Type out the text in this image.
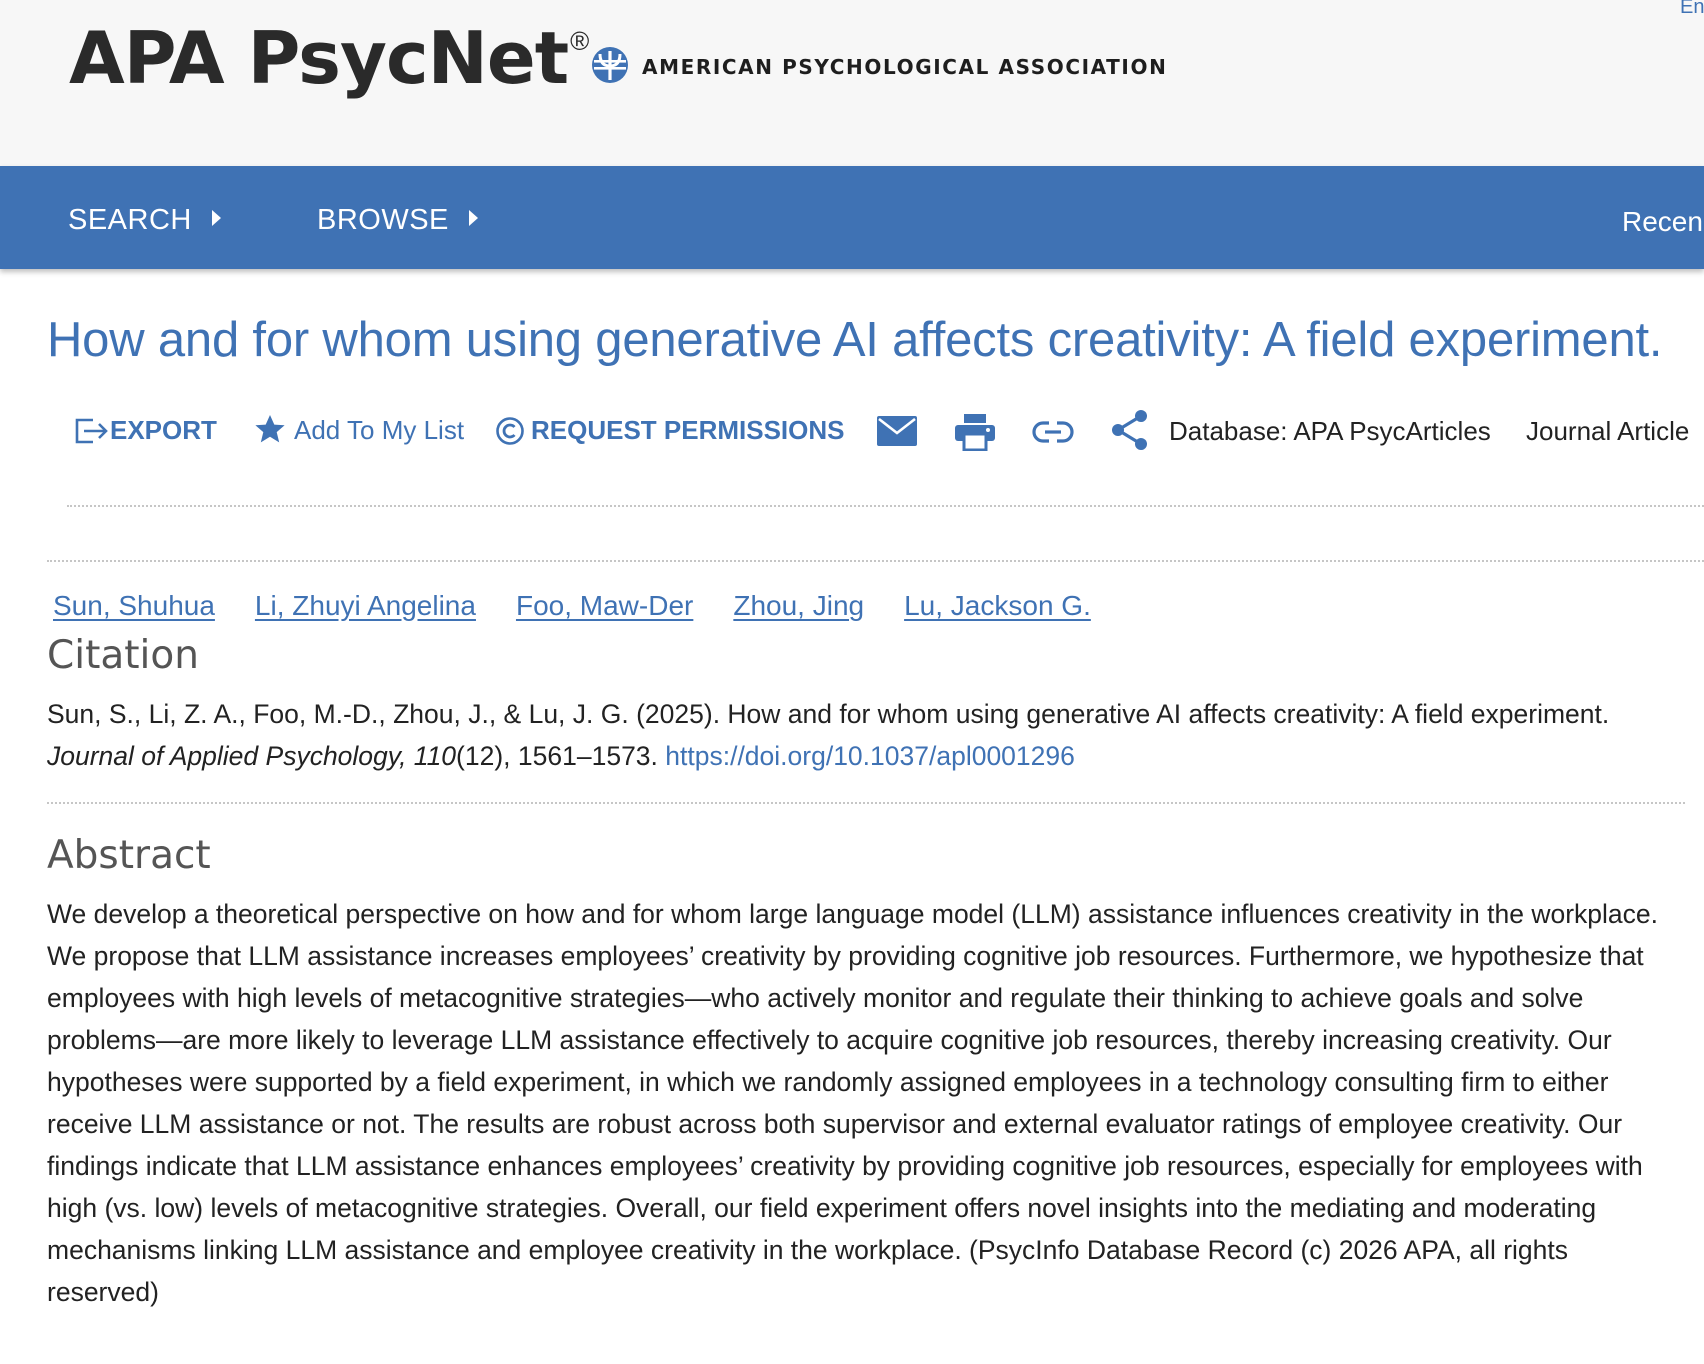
APA PsycNet®
AMERICAN PSYCHOLOGICAL ASSOCIATION
En
SEARCH	BROWSE	Recen
How and for whom using generative AI affects creativity: A field experiment.
EXPORT	Add To My List	REQUEST PERMISSIONS	Database: APA PsycArticles Journal Article
Sun, Shuhua Li, Zhuyi Angelina Foo, Maw-Der Zhou, Jing Lu, Jackson G.
Citation
Sun, S., Li, Z. A., Foo, M.-D., Zhou, J., & Lu, J. G. (2025). How and for whom using generative AI affects creativity: A field experiment. Journal of Applied Psychology, 110(12), 1561–1573. https://doi.org/10.1037/apl0001296
Abstract
We develop a theoretical perspective on how and for whom large language model (LLM) assistance influences creativity in the workplace. We propose that LLM assistance increases employees’ creativity by providing cognitive job resources. Furthermore, we hypothesize that employees with high levels of metacognitive strategies—who actively monitor and regulate their thinking to achieve goals and solve problems—are more likely to leverage LLM assistance effectively to acquire cognitive job resources, thereby increasing creativity. Our hypotheses were supported by a field experiment, in which we randomly assigned employees in a technology consulting firm to either receive LLM assistance or not. The results are robust across both supervisor and external evaluator ratings of employee creativity. Our findings indicate that LLM assistance enhances employees’ creativity by providing cognitive job resources, especially for employees with high (vs. low) levels of metacognitive strategies. Overall, our field experiment offers novel insights into the mediating and moderating mechanisms linking LLM assistance and employee creativity in the workplace. (PsycInfo Database Record (c) 2026 APA, all rights reserved)
